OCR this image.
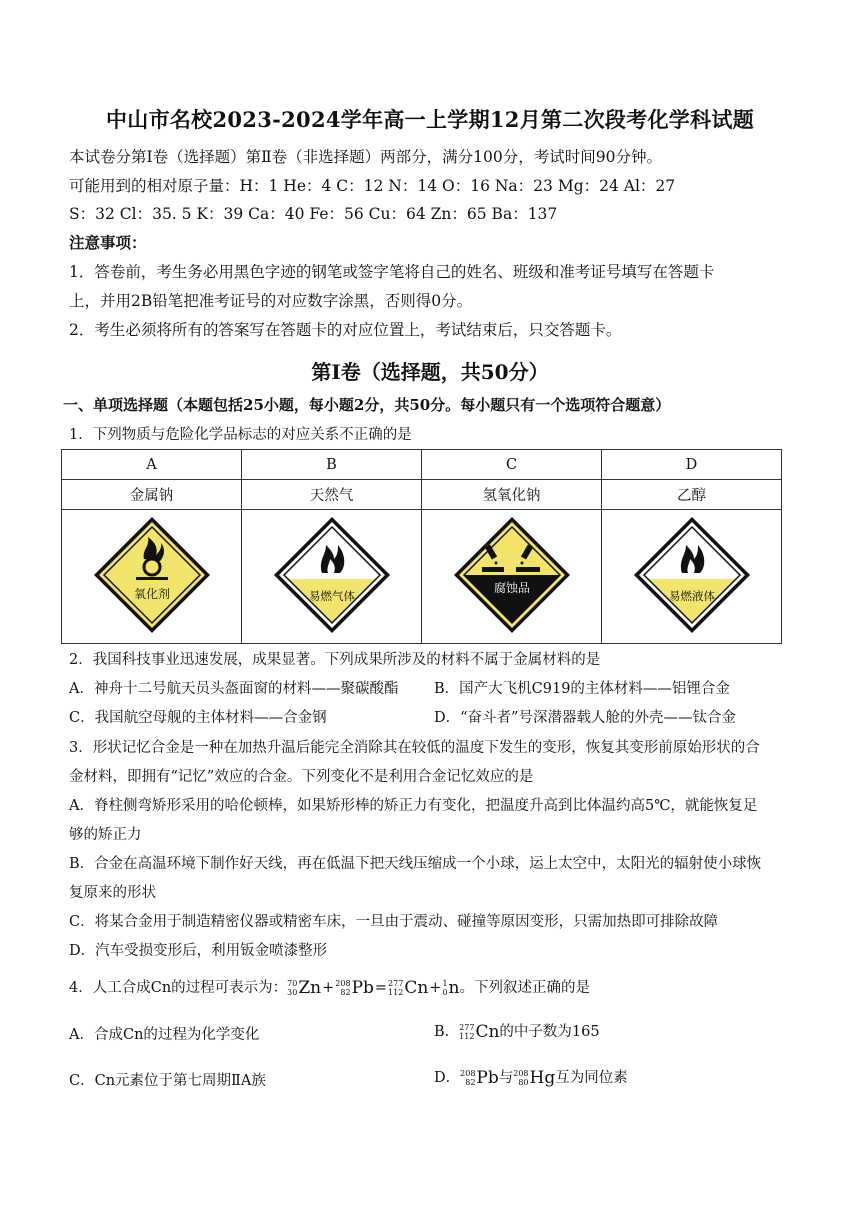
中山市名校2023-2024学年高一上学期12月第二次段考化学科试题
本试卷分第Ⅰ卷（选择题）第Ⅱ卷（非选择题）两部分，满分100分，考试时间90分钟。
可能用到的相对原子量：H：1 He：4 C：12 N：14 O：16 Na：23 Mg：24 Al：27
S：32 Cl：35. 5 K：39 Ca：40 Fe：56 Cu：64 Zn：65 Ba：137
注意事项：
1．答卷前，考生务必用黑色字迹的钢笔或签字笔将自己的姓名、班级和准考证号填写在答题卡
上，并用2B铅笔把准考证号的对应数字涂黑，否则得0分。
2．考生必须将所有的答案写在答题卡的对应位置上，考试结束后，只交答题卡。
第Ⅰ卷（选择题，共50分）
一、单项选择题（本题包括25小题，每小题2分，共50分。每小题只有一个选项符合题意）
1．下列物质与危险化学品标志的对应关系不正确的是
A	B	C	D
金属钠	天然气	氢氧化钠	乙醇

氧化剂	易燃气体	腐蚀品	易燃液体
2．我国科技事业迅速发展，成果显著。下列成果所涉及的材料不属于金属材料的是
A．神舟十二号航天员头盔面窗的材料——聚碳酸酯 B．国产大飞机C919的主体材料——铝锂合金
C．我国航空母舰的主体材料——合金钢	D．“奋斗者”号深潜器载人舱的外壳——钛合金
3．形状记忆合金是一种在加热升温后能完全消除其在较低的温度下发生的变形，恢复其变形前原始形状的合
金材料，即拥有“记忆”效应的合金。下列变化不是利用合金记忆效应的是
A．脊柱侧弯矫形采用的哈伦顿棒，如果矫形棒的矫正力有变化，把温度升高到比体温约高5℃，就能恢复足
够的矫正力
B．合金在高温环境下制作好天线，再在低温下把天线压缩成一个小球，运上太空中，太阳光的辐射使小球恢
复原来的形状
C．将某合金用于制造精密仪器或精密车床，一旦由于震动、碰撞等原因变形，只需加热即可排除故障
D．汽车受损变形后，利用钣金喷漆整形
4．人工合成Cn的过程可表示为： 70
30 Zn + 208
82 Pb = 277
112 Cn + 1
0 n 。下列叙述正确的是
A．合成Cn的过程为化学变化	B． 277
112 Cn 的中子数为165
C．Cn元素位于第七周期ⅡA族	D． 208
82 Pb 与 208
80 Hg 互为同位素
